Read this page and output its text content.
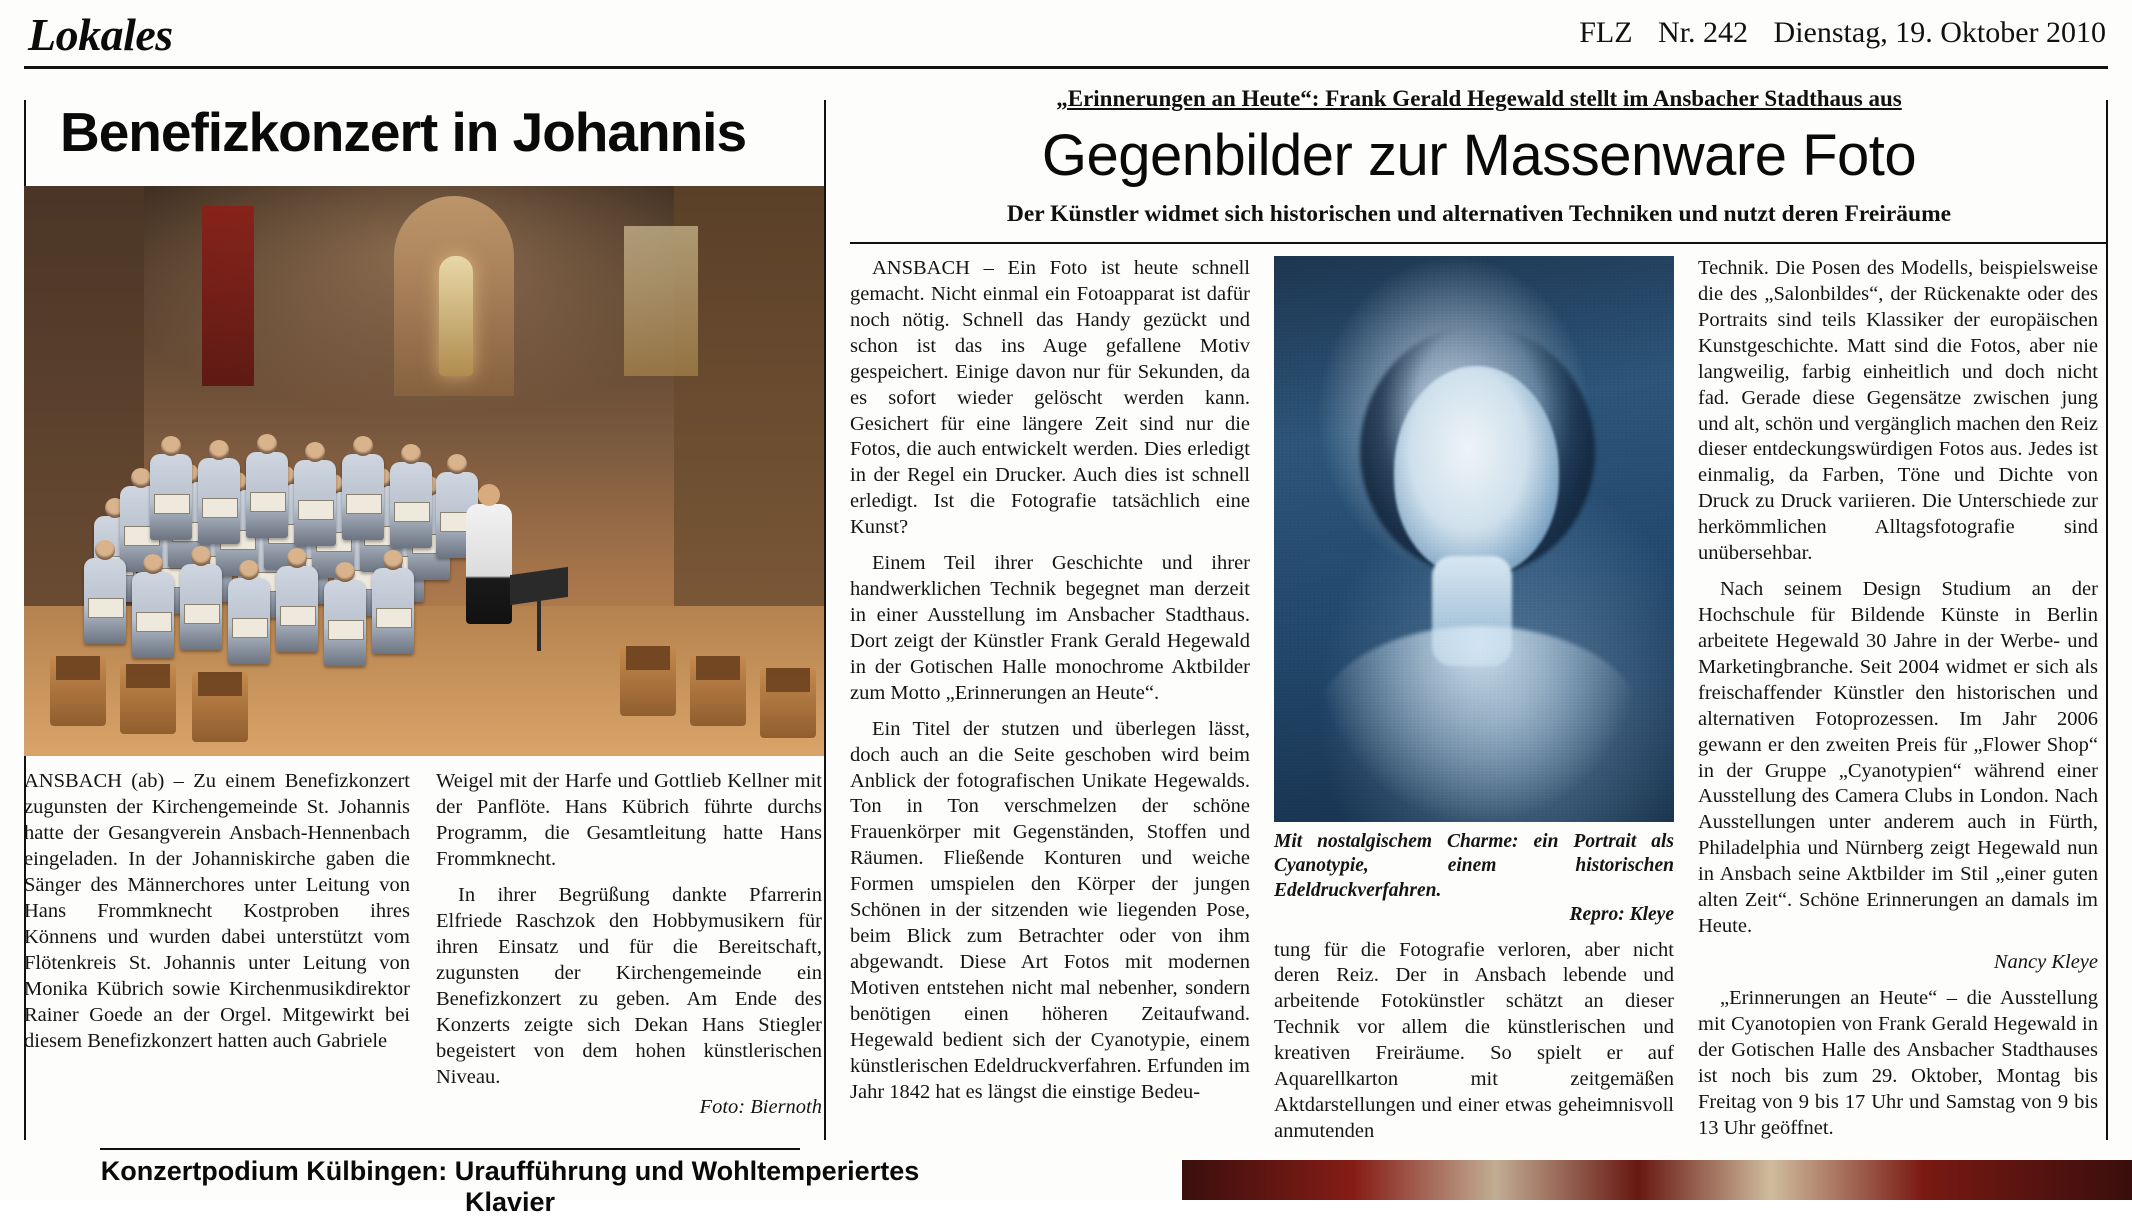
Lokales	FLZ Nr. 242 Dienstag, 19. Oktober 2010
Benefizkonzert in Johannis

ANSBACH (ab) – Zu einem Benefizkonzert zugunsten der Kirchengemeinde St. Johannis hatte der Gesangverein Ansbach-Hennenbach eingeladen. In der Johanniskirche gaben die Sänger des Männerchores unter Leitung von Hans Frommknecht Kostproben ihres Könnens und wurden dabei unterstützt vom Flötenkreis St. Johannis unter Leitung von Monika Kübrich sowie Kirchenmusikdirektor Rainer Goede an der Orgel. Mitgewirkt bei diesem Benefizkonzert hatten auch Gabriele

Weigel mit der Harfe und Gottlieb Kellner mit der Panflöte. Hans Kübrich führte durchs Programm, die Gesamtleitung hatte Hans Frommknecht.

In ihrer Begrüßung dankte Pfarrerin Elfriede Raschzok den Hobbymusikern für ihren Einsatz und für die Bereitschaft, zugunsten der Kirchengemeinde ein Benefizkonzert zu geben. Am Ende des Konzerts zeigte sich Dekan Hans Stiegler begeistert von dem hohen künstlerischen Niveau.

Foto: Biernoth

„Erinnerungen an Heute“: Frank Gerald Hegewald stellt im Ansbacher Stadthaus aus
Gegenbilder zur Massenware Foto
Der Künstler widmet sich historischen und alternativen Techniken und nutzt deren Freiräume

ANSBACH – Ein Foto ist heute schnell gemacht. Nicht einmal ein Fotoapparat ist dafür noch nötig. Schnell das Handy gezückt und schon ist das ins Auge gefallene Motiv gespeichert. Einige davon nur für Sekunden, da es sofort wieder gelöscht werden kann. Gesichert für eine längere Zeit sind nur die Fotos, die auch entwickelt werden. Dies erledigt in der Regel ein Drucker. Auch dies ist schnell erledigt. Ist die Fotografie tatsächlich eine Kunst?

Einem Teil ihrer Geschichte und ihrer handwerklichen Technik begegnet man derzeit in einer Ausstellung im Ansbacher Stadthaus. Dort zeigt der Künstler Frank Gerald Hegewald in der Gotischen Halle monochrome Aktbilder zum Motto „Erinnerungen an Heute“.

Ein Titel der stutzen und überlegen lässt, doch auch an die Seite geschoben wird beim Anblick der fotografischen Unikate Hegewalds. Ton in Ton verschmelzen der schöne Frauenkörper mit Gegenständen, Stoffen und Räumen. Fließende Konturen und weiche Formen umspielen den Körper der jungen Schönen in der sitzenden wie liegenden Pose, beim Blick zum Betrachter oder von ihm abgewandt. Diese Art Fotos mit modernen Motiven entstehen nicht mal nebenher, sondern benötigen einen höheren Zeitaufwand. Hegewald bedient sich der Cyanotypie, einem künstlerischen Edeldruckverfahren. Erfunden im Jahr 1842 hat es längst die einstige Bedeu-

Mit nostalgischem Charme: ein Portrait als Cyanotypie, einem historischen Edeldruckverfahren.
Repro: Kleye

tung für die Fotografie verloren, aber nicht deren Reiz. Der in Ansbach lebende und arbeitende Fotokünstler schätzt an dieser Technik vor allem die künstlerischen und kreativen Freiräume. So spielt er auf Aquarellkarton mit zeitgemäßen Aktdarstellungen und einer etwas geheimnisvoll anmutenden

Technik. Die Posen des Modells, beispielsweise die des „Salonbildes“, der Rückenakte oder des Portraits sind teils Klassiker der europäischen Kunstgeschichte. Matt sind die Fotos, aber nie langweilig, farbig einheitlich und doch nicht fad. Gerade diese Gegensätze zwischen jung und alt, schön und vergänglich machen den Reiz dieser entdeckungswürdigen Fotos aus. Jedes ist einmalig, da Farben, Töne und Dichte von Druck zu Druck variieren. Die Unterschiede zur herkömmlichen Alltagsfotografie sind unübersehbar.

Nach seinem Design Studium an der Hochschule für Bildende Künste in Berlin arbeitete Hegewald 30 Jahre in der Werbe- und Marketingbranche. Seit 2004 widmet er sich als freischaffender Künstler den historischen und alternativen Fotoprozessen. Im Jahr 2006 gewann er den zweiten Preis für „Flower Shop“ in der Gruppe „Cyanotypien“ während einer Ausstellung des Camera Clubs in London. Nach Ausstellungen unter anderem auch in Fürth, Philadelphia und Nürnberg zeigt Hegewald nun in Ansbach seine Aktbilder im Stil „einer guten alten Zeit“. Schöne Erinnerungen an damals im Heute.

Nancy Kleye

„Erinnerungen an Heute“ – die Ausstellung mit Cyanotopien von Frank Gerald Hegewald in der Gotischen Halle des Ansbacher Stadthauses ist noch bis zum 29. Oktober, Montag bis Freitag von 9 bis 17 Uhr und Samstag von 9 bis 13 Uhr geöffnet.

Konzertpodium Külbingen: Uraufführung und Wohltemperiertes Klavier
